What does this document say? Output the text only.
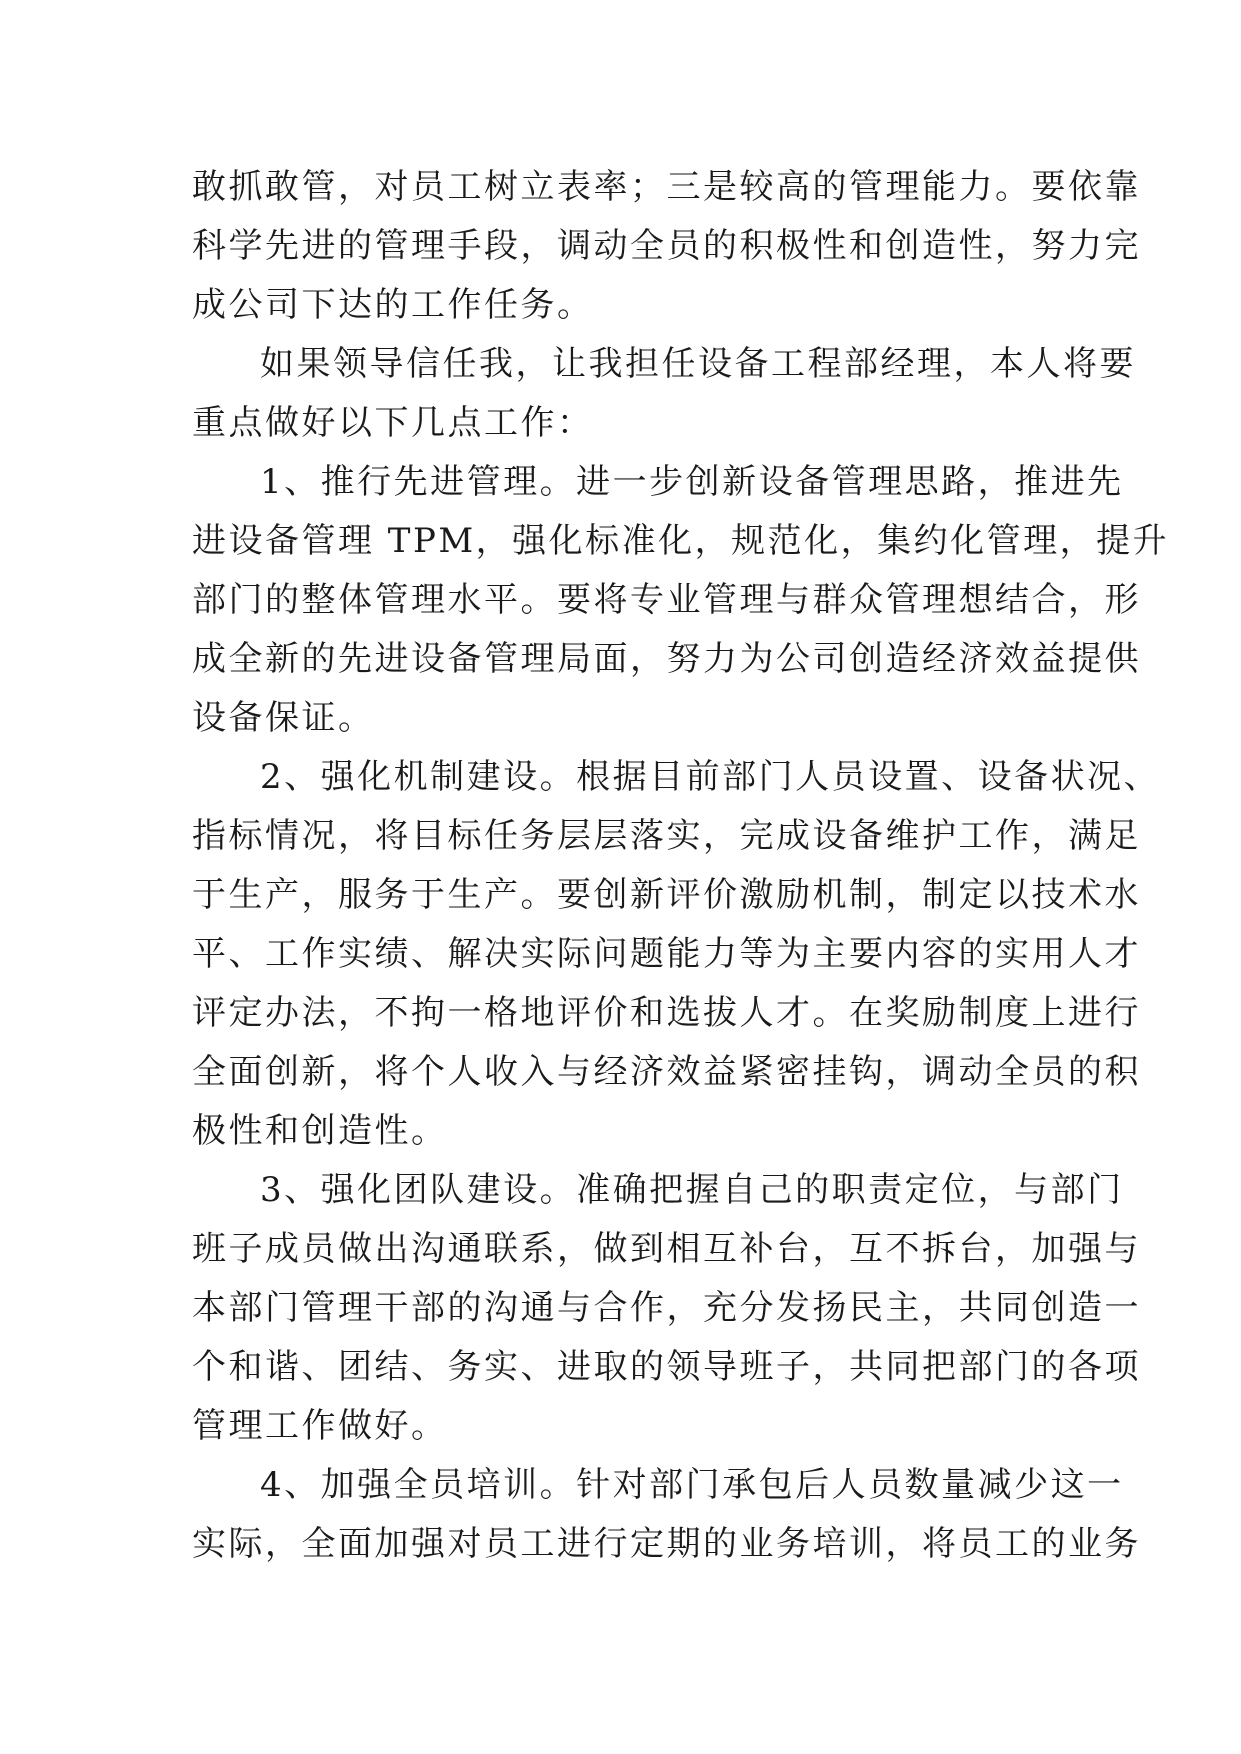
敢抓敢管，对员工树立表率；三是较高的管理能力。要依靠
科学先进的管理手段，调动全员的积极性和创造性，努力完
成公司下达的工作任务。
如果领导信任我，让我担任设备工程部经理，本人将要
重点做好以下几点工作：
1、推行先进管理。进一步创新设备管理思路，推进先
进设备管理 TPM，强化标准化，规范化，集约化管理，提升
部门的整体管理水平。要将专业管理与群众管理想结合，形
成全新的先进设备管理局面，努力为公司创造经济效益提供
设备保证。
2、强化机制建设。根据目前部门人员设置、设备状况、
指标情况，将目标任务层层落实，完成设备维护工作，满足
于生产，服务于生产。要创新评价激励机制，制定以技术水
平、工作实绩、解决实际问题能力等为主要内容的实用人才
评定办法，不拘一格地评价和选拔人才。在奖励制度上进行
全面创新，将个人收入与经济效益紧密挂钩，调动全员的积
极性和创造性。
3、强化团队建设。准确把握自己的职责定位，与部门
班子成员做出沟通联系，做到相互补台，互不拆台，加强与
本部门管理干部的沟通与合作，充分发扬民主，共同创造一
个和谐、团结、务实、进取的领导班子，共同把部门的各项
管理工作做好。
4、加强全员培训。针对部门承包后人员数量减少这一
实际，全面加强对员工进行定期的业务培训，将员工的业务
